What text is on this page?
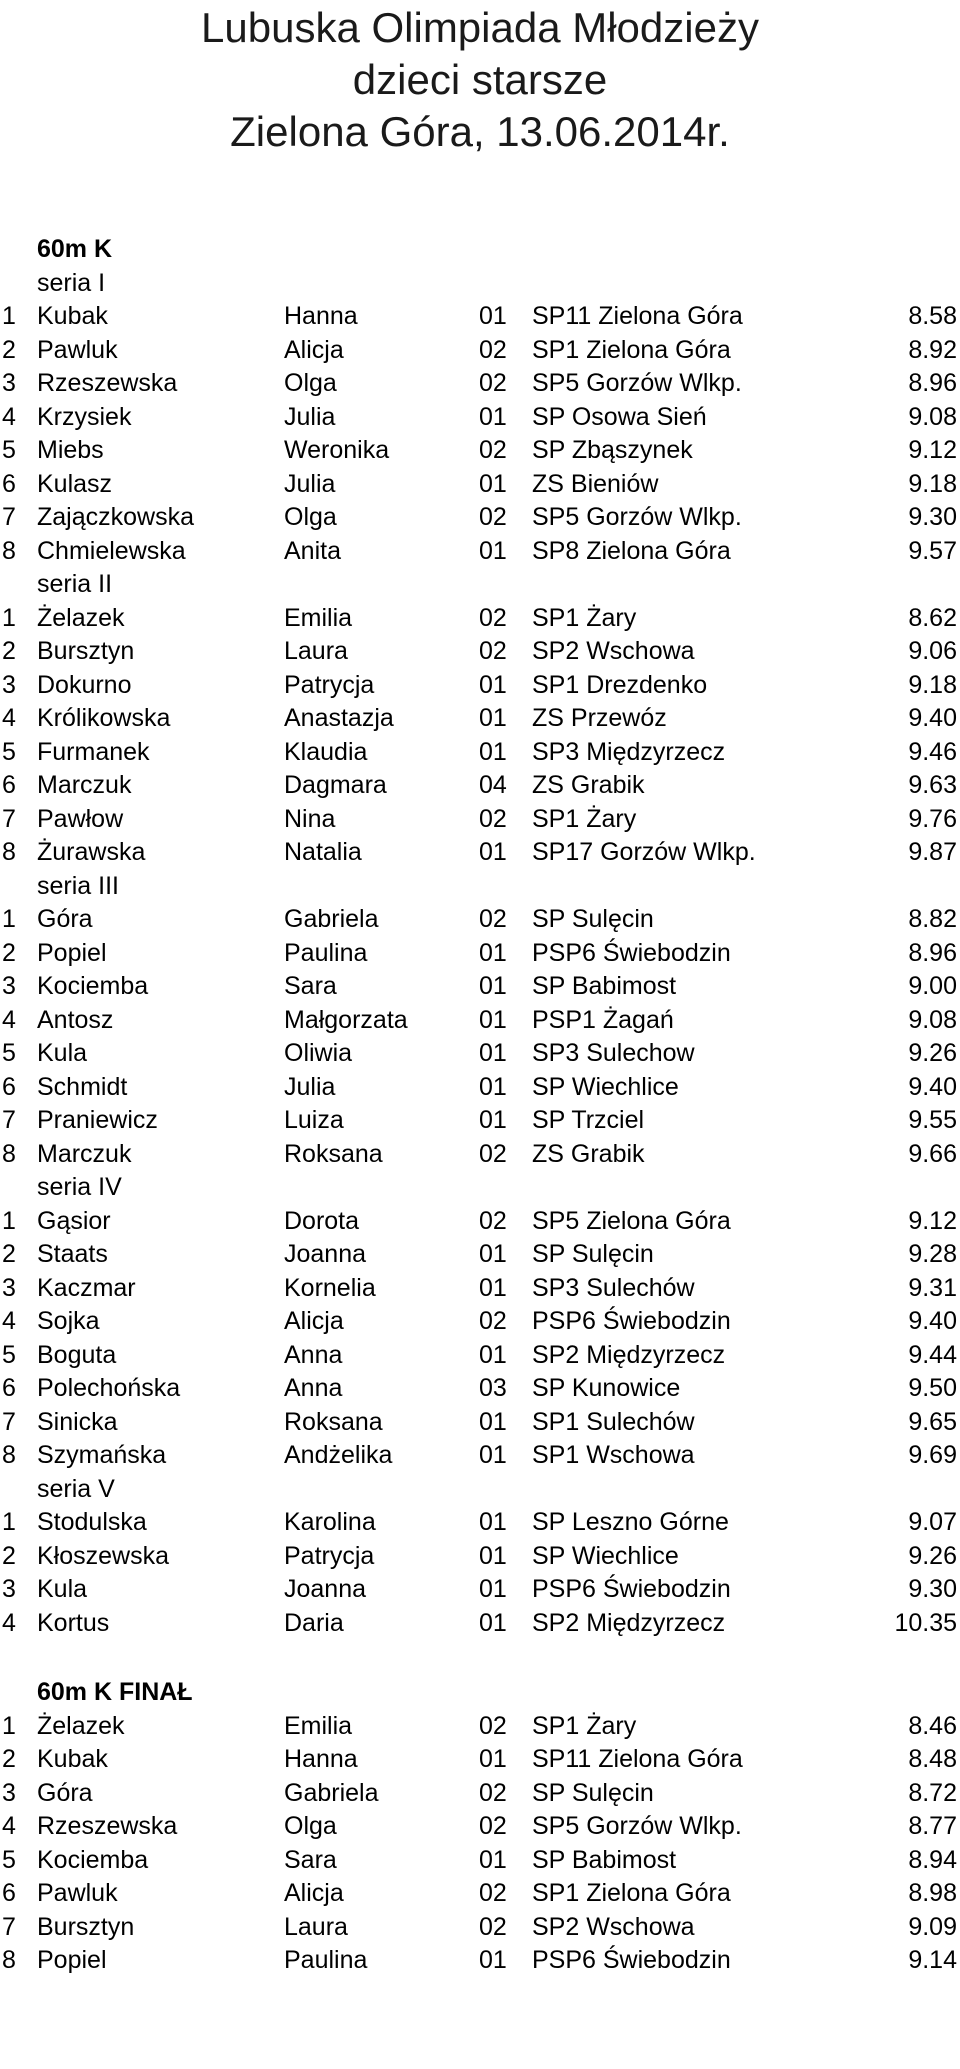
Lubuska Olimpiada Młodzieży
dzieci starsze
Zielona Góra, 13.06.2014r.
60m K
seria I
1 Kubak	Hanna	01 SP11 Zielona Góra	8.58
2 Pawluk	Alicja	02 SP1 Zielona Góra	8.92
3 Rzeszewska	Olga	02 SP5 Gorzów Wlkp.	8.96
4 Krzysiek	Julia	01 SP Osowa Sień	9.08
5 Miebs	Weronika	02 SP Zbąszynek	9.12
6 Kulasz	Julia	01 ZS Bieniów	9.18
7 Zajączkowska	Olga	02 SP5 Gorzów Wlkp.	9.30
8 Chmielewska	Anita	01 SP8 Zielona Góra	9.57
seria II
1 Żelazek	Emilia	02 SP1 Żary	8.62
2 Bursztyn	Laura	02 SP2 Wschowa	9.06
3 Dokurno	Patrycja	01 SP1 Drezdenko	9.18
4 Królikowska	Anastazja	01 ZS Przewóz	9.40
5 Furmanek	Klaudia	01 SP3 Międzyrzecz	9.46
6 Marczuk	Dagmara	04 ZS Grabik	9.63
7 Pawłow	Nina	02 SP1 Żary	9.76
8 Żurawska	Natalia	01 SP17 Gorzów Wlkp.	9.87
seria III
1 Góra	Gabriela	02 SP Sulęcin	8.82
2 Popiel	Paulina	01 PSP6 Świebodzin	8.96
3 Kociemba	Sara	01 SP Babimost	9.00
4 Antosz	Małgorzata	01 PSP1 Żagań	9.08
5 Kula	Oliwia	01 SP3 Sulechow	9.26
6 Schmidt	Julia	01 SP Wiechlice	9.40
7 Praniewicz	Luiza	01 SP Trzciel	9.55
8 Marczuk	Roksana	02 ZS Grabik	9.66
seria IV
1 Gąsior	Dorota	02 SP5 Zielona Góra	9.12
2 Staats	Joanna	01 SP Sulęcin	9.28
3 Kaczmar	Kornelia	01 SP3 Sulechów	9.31
4 Sojka	Alicja	02 PSP6 Świebodzin	9.40
5 Boguta	Anna	01 SP2 Międzyrzecz	9.44
6 Polechońska	Anna	03 SP Kunowice	9.50
7 Sinicka	Roksana	01 SP1 Sulechów	9.65
8 Szymańska	Andżelika	01 SP1 Wschowa	9.69
seria V
1 Stodulska	Karolina	01 SP Leszno Górne	9.07
2 Kłoszewska	Patrycja	01 SP Wiechlice	9.26
3 Kula	Joanna	01 PSP6 Świebodzin	9.30
4 Kortus	Daria	01 SP2 Międzyrzecz	10.35
60m K FINAŁ
1 Żelazek	Emilia	02 SP1 Żary	8.46
2 Kubak	Hanna	01 SP11 Zielona Góra	8.48
3 Góra	Gabriela	02 SP Sulęcin	8.72
4 Rzeszewska	Olga	02 SP5 Gorzów Wlkp.	8.77
5 Kociemba	Sara	01 SP Babimost	8.94
6 Pawluk	Alicja	02 SP1 Zielona Góra	8.98
7 Bursztyn	Laura	02 SP2 Wschowa	9.09
8 Popiel	Paulina	01 PSP6 Świebodzin	9.14
